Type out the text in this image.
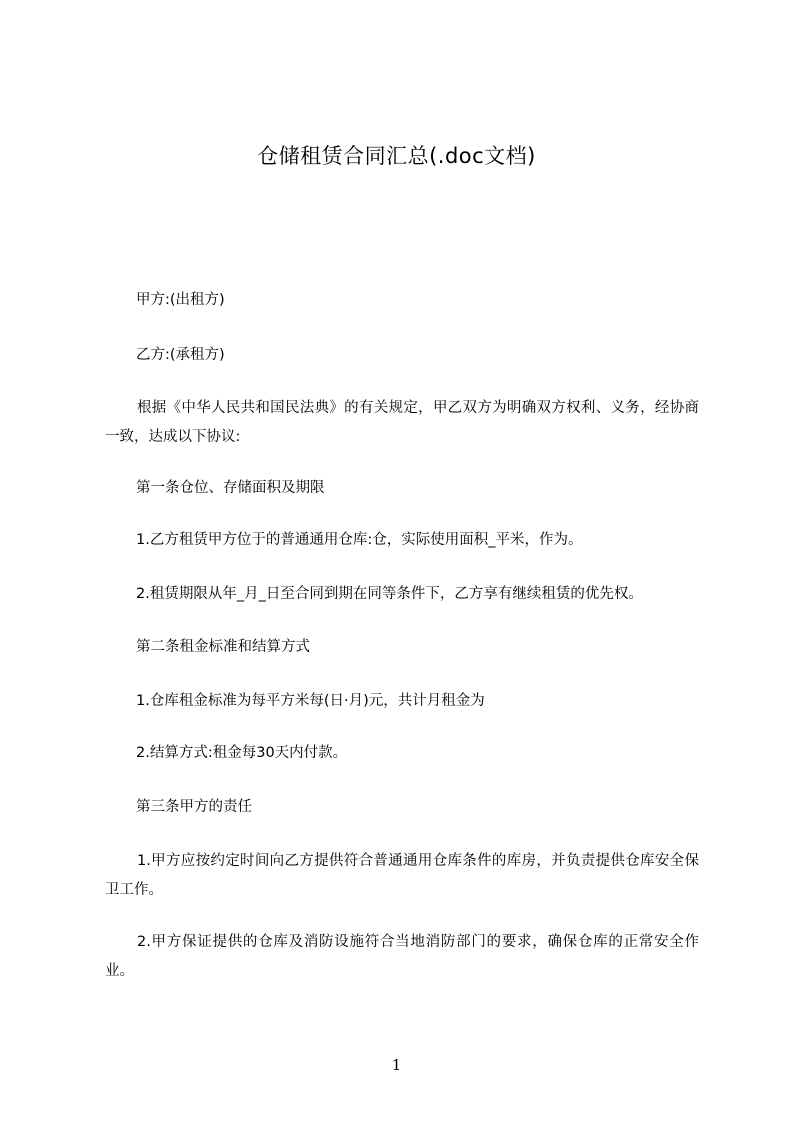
仓储租赁合同汇总(.doc文档)
甲方:(出租方)
乙方:(承租方)
根据《中华人民共和国民法典》的有关规定，甲乙双方为明确双方权利、义务，经协商一致，达成以下协议:
第一条仓位、存储面积及期限
1.乙方租赁甲方位于的普通通用仓库:仓，实际使用面积_平米，作为。
2.租赁期限从年_月_日至合同到期在同等条件下，乙方享有继续租赁的优先权。
第二条租金标准和结算方式
1.仓库租金标准为每平方米每(日·月)元，共计月租金为
2.结算方式:租金每30天内付款。
第三条甲方的责任
1.甲方应按约定时间向乙方提供符合普通通用仓库条件的库房，并负责提供仓库安全保卫工作。
2.甲方保证提供的仓库及消防设施符合当地消防部门的要求，确保仓库的正常安全作业。
1
